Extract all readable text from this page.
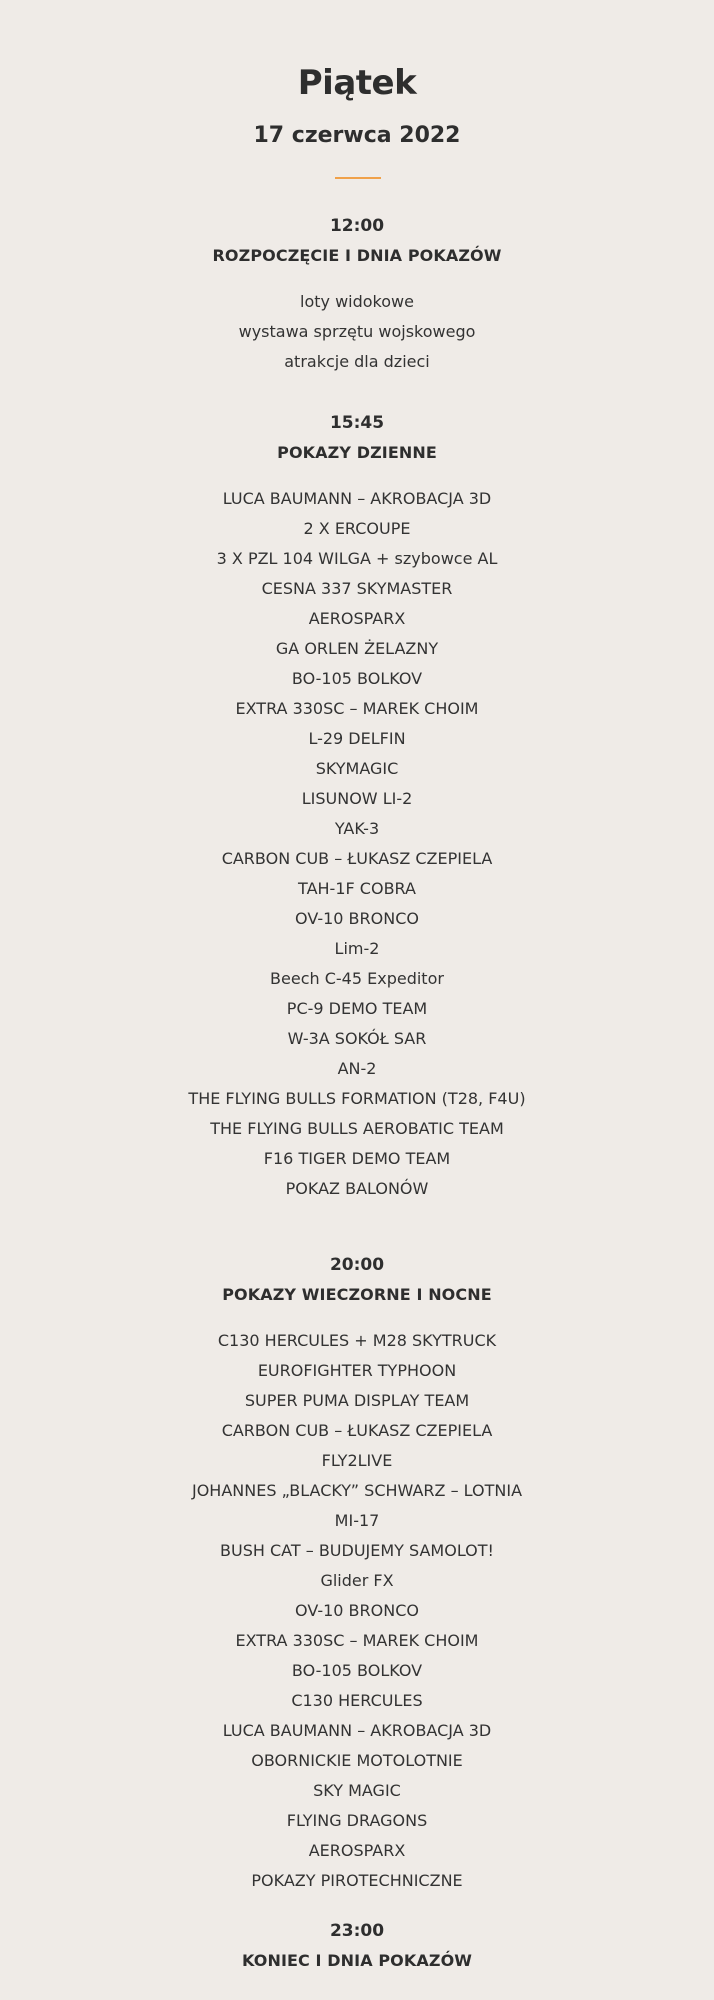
Piątek
17 czerwca 2022
12:00
ROZPOCZĘCIE I DNIA POKAZÓW
loty widokowe
wystawa sprzętu wojskowego
atrakcje dla dzieci
15:45
POKAZY DZIENNE
LUCA BAUMANN – AKROBACJA 3D
2 X ERCOUPE
3 X PZL 104 WILGA + szybowce AL
CESNA 337 SKYMASTER
AEROSPARX
GA ORLEN ŻELAZNY
BO-105 BOLKOV
EXTRA 330SC – MAREK CHOIM
L-29 DELFIN
SKYMAGIC
LISUNOW LI-2
YAK-3
CARBON CUB – ŁUKASZ CZEPIELA
TAH-1F COBRA
OV-10 BRONCO
Lim-2
Beech C-45 Expeditor
PC-9 DEMO TEAM
W-3A SOKÓŁ SAR
AN-2
THE FLYING BULLS FORMATION (T28, F4U)
THE FLYING BULLS AEROBATIC TEAM
F16 TIGER DEMO TEAM
POKAZ BALONÓW
20:00
POKAZY WIECZORNE I NOCNE
C130 HERCULES + M28 SKYTRUCK
EUROFIGHTER TYPHOON
SUPER PUMA DISPLAY TEAM
CARBON CUB – ŁUKASZ CZEPIELA
FLY2LIVE
JOHANNES „BLACKY” SCHWARZ – LOTNIA
MI-17
BUSH CAT – BUDUJEMY SAMOLOT!
Glider FX
OV-10 BRONCO
EXTRA 330SC – MAREK CHOIM
BO-105 BOLKOV
C130 HERCULES
LUCA BAUMANN – AKROBACJA 3D
OBORNICKIE MOTOLOTNIE
SKY MAGIC
FLYING DRAGONS
AEROSPARX
POKAZY PIROTECHNICZNE
23:00
KONIEC I DNIA POKAZÓW
